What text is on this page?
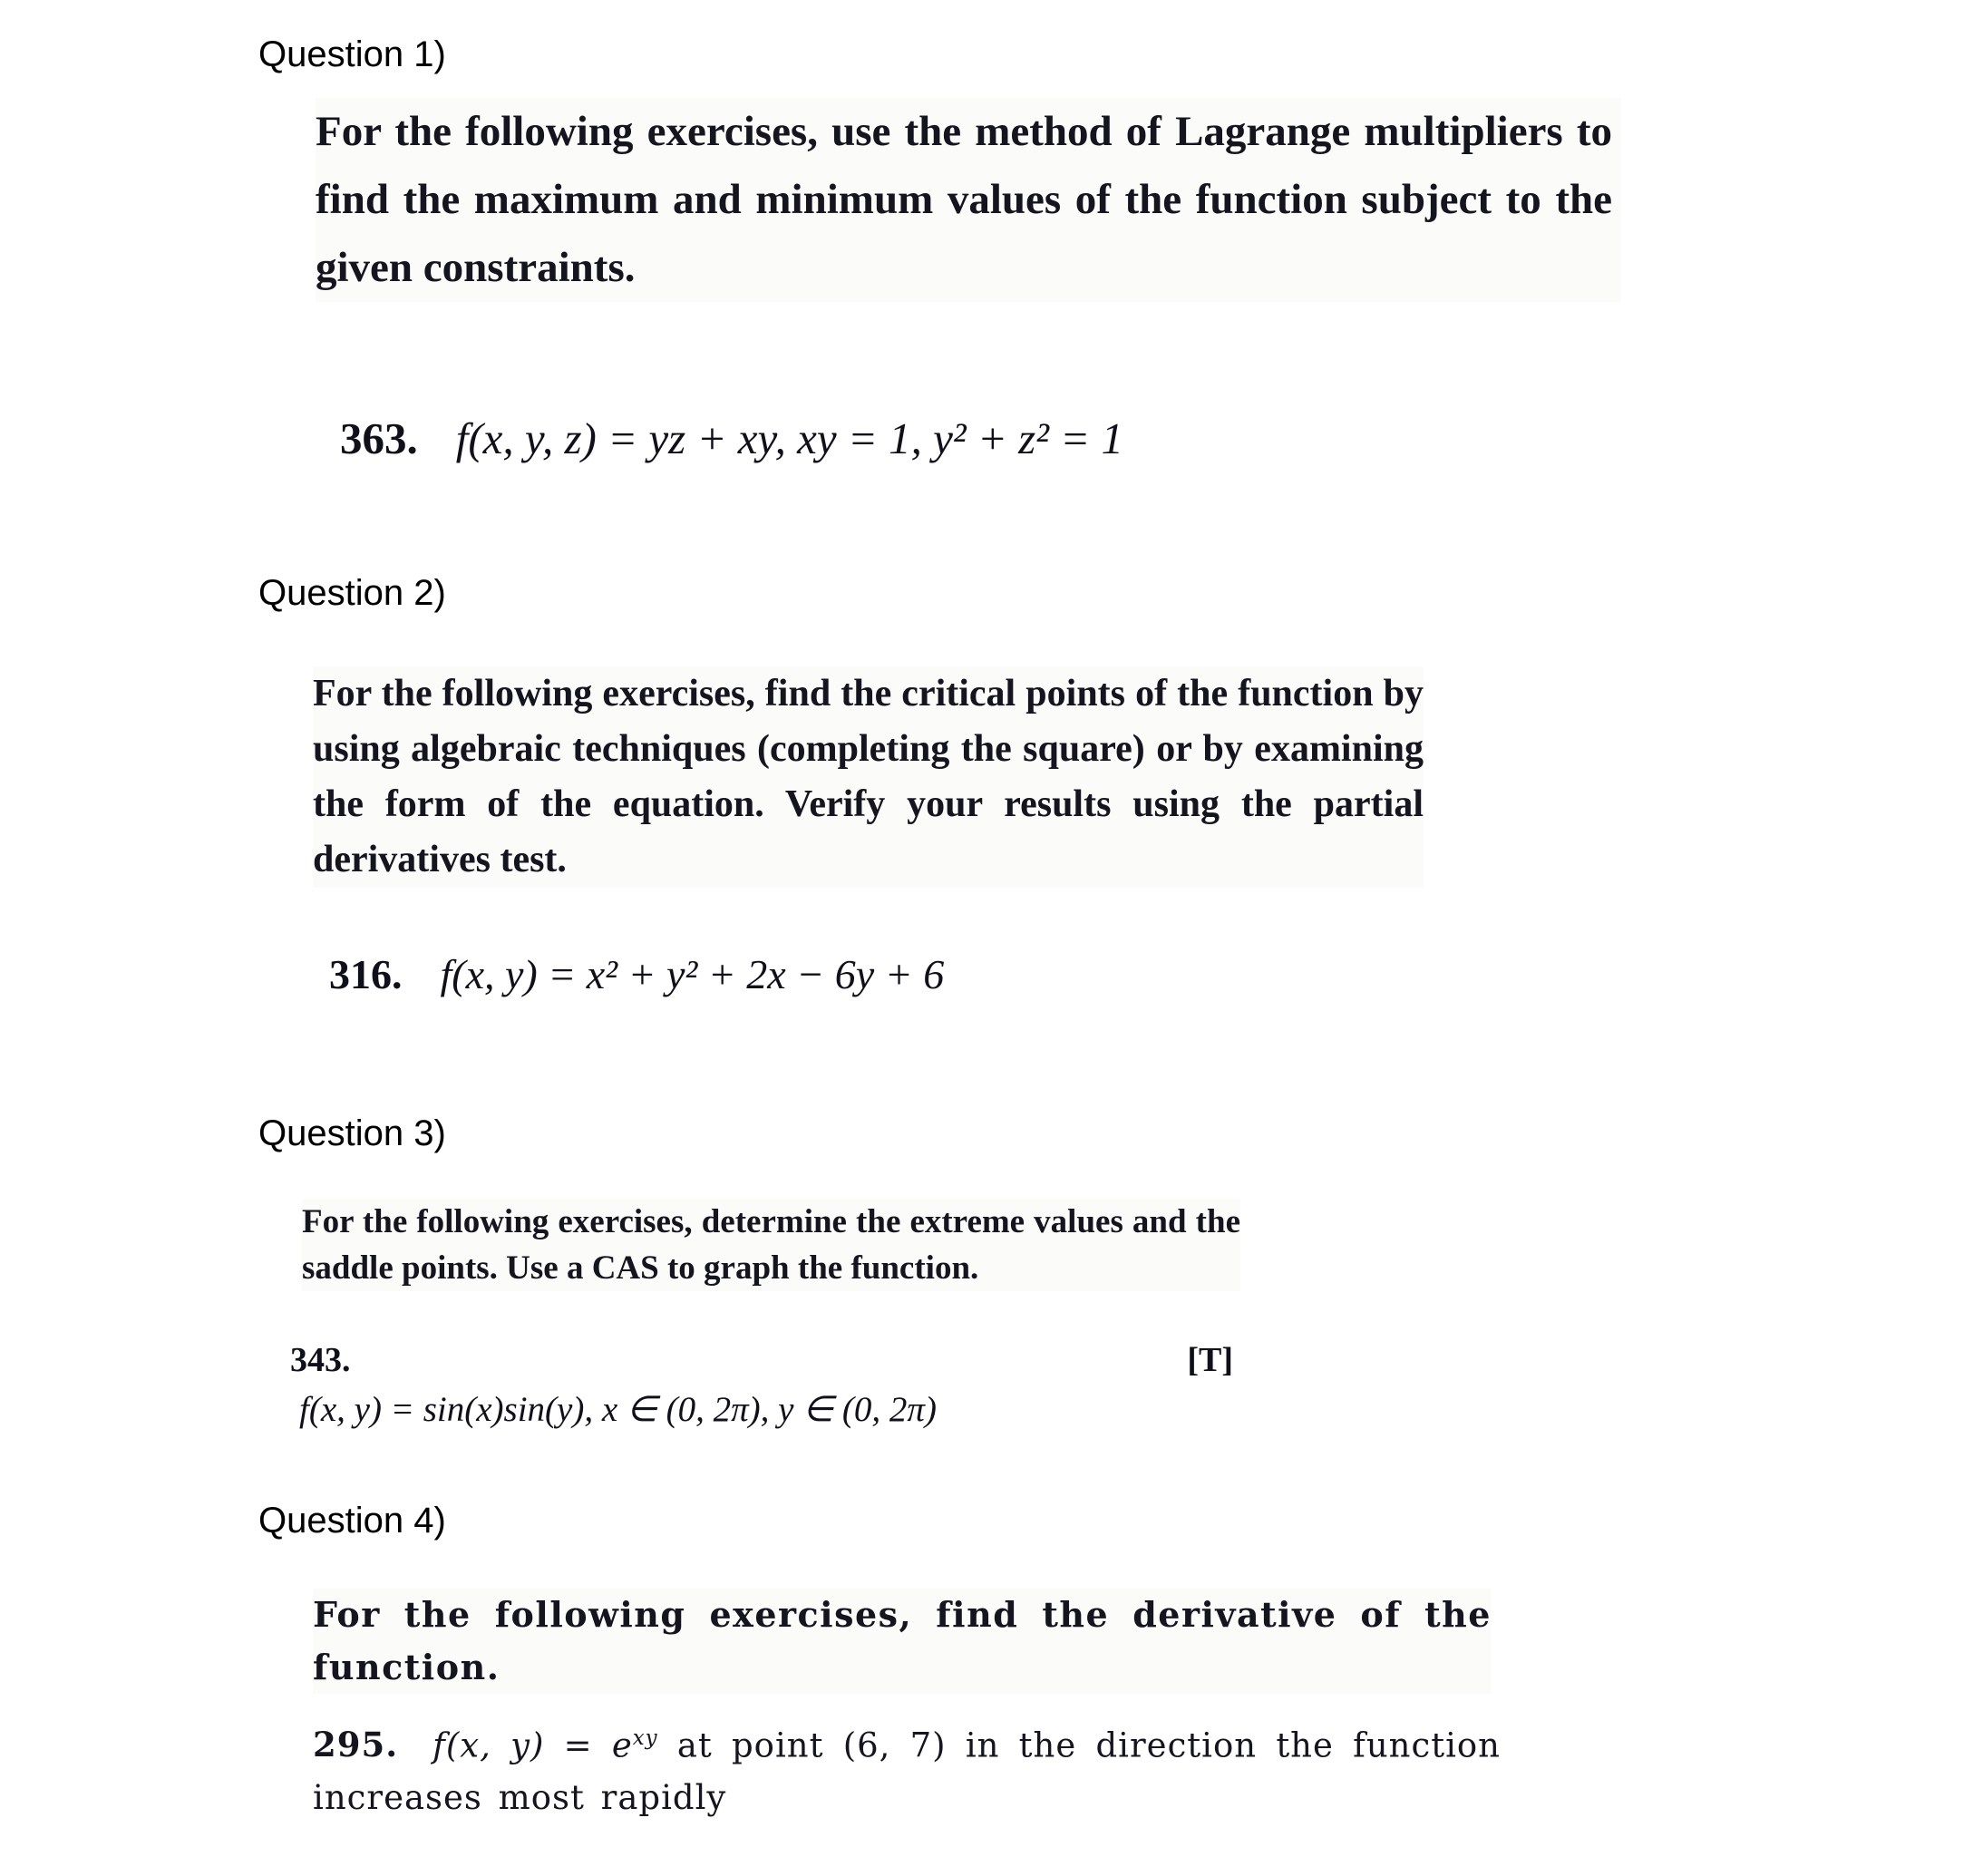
Question 1)

For the following exercises, use the method of Lagrange multipliers to find the maximum and minimum values of the function subject to the given constraints.

363. f(x, y, z) = yz + xy, xy = 1, y² + z² = 1

Question 2)

For the following exercises, find the critical points of the function by using algebraic techniques (completing the square) or by examining the form of the equation. Verify your results using the partial derivatives test.

316. f(x, y) = x² + y² + 2x − 6y + 6

Question 3)

For the following exercises, determine the extreme values and the saddle points. Use a CAS to graph the function.

343.	[T]

f(x, y) = sin(x)sin(y), x ∈ (0, 2π), y ∈ (0, 2π)

Question 4)

For the following exercises, find the derivative of the function.

295. f(x, $y) = e^{xy}$ at point (6, 7) in the direction the function increases most rapidly
